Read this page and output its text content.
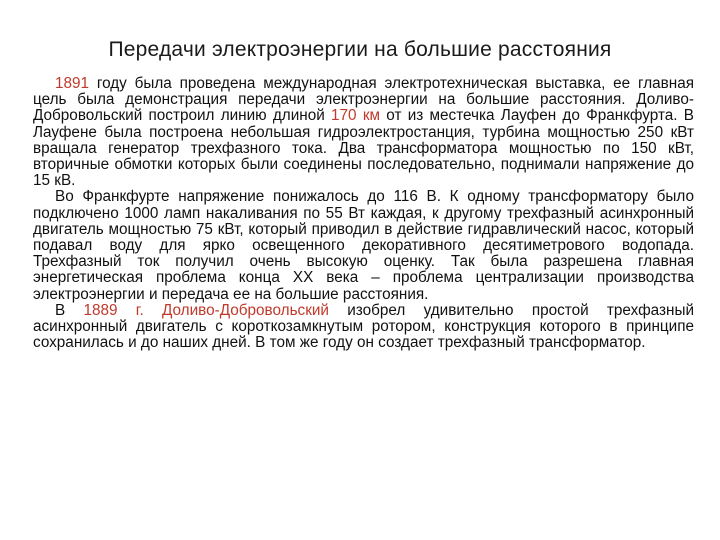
Передачи электроэнергии на большие расстояния

1891 году была проведена международная электротехническая выставка, ее главная цель была демонстрация передачи электроэнергии на большие расстояния. Доливо-Добровольский построил линию длиной 170 км от из местечка Лауфен до Франкфурта. В Лауфене была построена небольшая гидроэлектростанция, турбина мощностью 250 кВт вращала генератор трехфазного тока. Два трансформатора мощностью по 150 кВт, вторичные обмотки которых были соединены последовательно, поднимали напряжение до 15 кВ.

Во Франкфурте напряжение понижалось до 116 В. К одному трансформатору было подключено 1000 ламп накаливания по 55 Вт каждая, к другому трехфазный асинхронный двигатель мощностью 75 кВт, который приводил в действие гидравлический насос, который подавал воду для ярко освещенного декоративного десятиметрового водопада. Трехфазный ток получил очень высокую оценку. Так была разрешена главная энергетическая проблема конца XX века – проблема централизации производства электроэнергии и передача ее на большие расстояния.

В 1889 г. Доливо-Добровольский изобрел удивительно простой трехфазный асинхронный двигатель с короткозамкнутым ротором, конструкция которого в принципе сохранилась и до наших дней. В том же году он создает трехфазный трансформатор.
